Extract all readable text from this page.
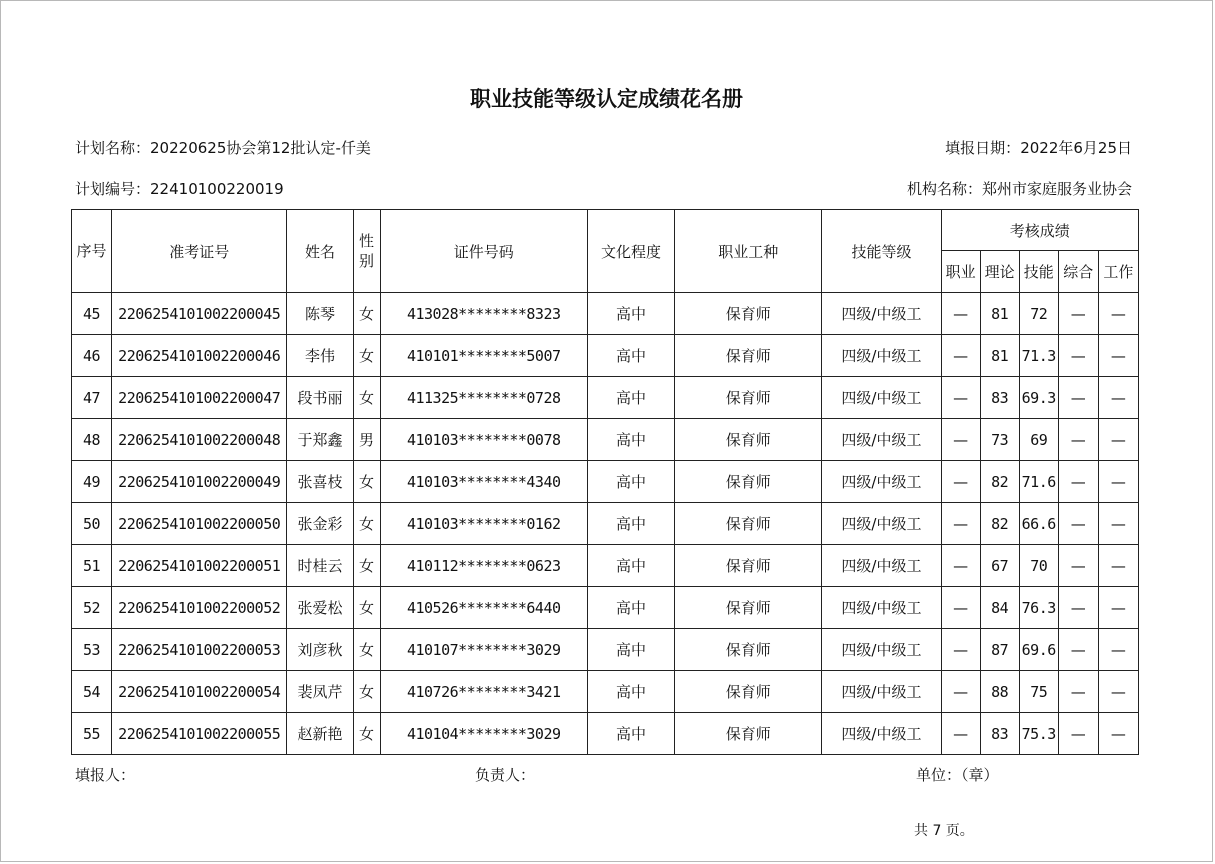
职业技能等级认定成绩花名册
计划名称：20220625协会第12批认定-仟美	填报日期：2022年6月25日
计划编号：22410100220019	机构名称：郑州市家庭服务业协会
序号	准考证号	姓名	性别	证件号码	文化程度	职业工种	技能等级	考核成绩				
								职业	理论	技能	综合	工作
45	2206254101002200045	陈琴	女	413028********8323	高中	保育师	四级/中级工	—	81	72	—	—
46	2206254101002200046	李伟	女	410101********5007	高中	保育师	四级/中级工	—	81	71.3	—	—
47	2206254101002200047	段书丽	女	411325********0728	高中	保育师	四级/中级工	—	83	69.3	—	—
48	2206254101002200048	于郑鑫	男	410103********0078	高中	保育师	四级/中级工	—	73	69	—	—
49	2206254101002200049	张喜枝	女	410103********4340	高中	保育师	四级/中级工	—	82	71.6	—	—
50	2206254101002200050	张金彩	女	410103********0162	高中	保育师	四级/中级工	—	82	66.6	—	—
51	2206254101002200051	时桂云	女	410112********0623	高中	保育师	四级/中级工	—	67	70	—	—
52	2206254101002200052	张爱松	女	410526********6440	高中	保育师	四级/中级工	—	84	76.3	—	—
53	2206254101002200053	刘彦秋	女	410107********3029	高中	保育师	四级/中级工	—	87	69.6	—	—
54	2206254101002200054	裴凤芹	女	410726********3421	高中	保育师	四级/中级工	—	88	75	—	—
55	2206254101002200055	赵新艳	女	410104********3029	高中	保育师	四级/中级工	—	83	75.3	—	—
填报人：	负责人：	单位：（章）
共 7 页。
